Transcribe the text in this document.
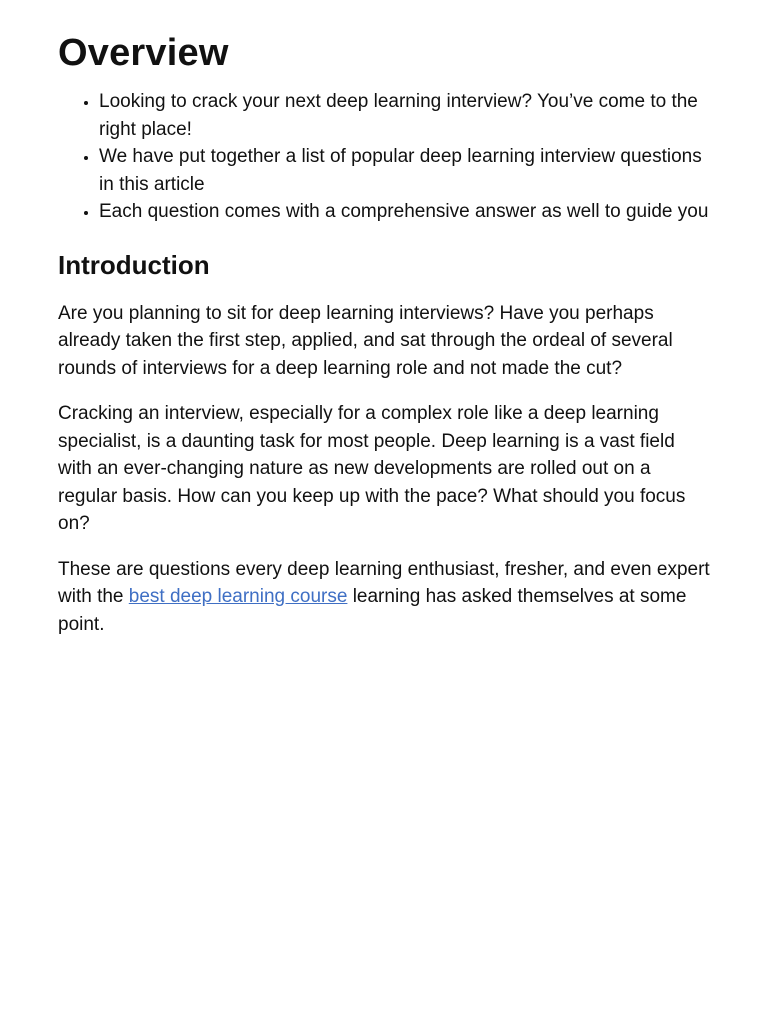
Overview
• Looking to crack your next deep learning interview? You’ve come to the right place!
• We have put together a list of popular deep learning interview questions in this article
• Each question comes with a comprehensive answer as well to guide you
Introduction

Are you planning to sit for deep learning interviews? Have you perhaps already taken the first step, applied, and sat through the ordeal of several rounds of interviews for a deep learning role and not made the cut?

Cracking an interview, especially for a complex role like a deep learning specialist, is a daunting task for most people. Deep learning is a vast field with an ever-changing nature as new developments are rolled out on a regular basis. How can you keep up with the pace? What should you focus on?

These are questions every deep learning enthusiast, fresher, and even expert with the best deep learning course learning has asked themselves at some point.
